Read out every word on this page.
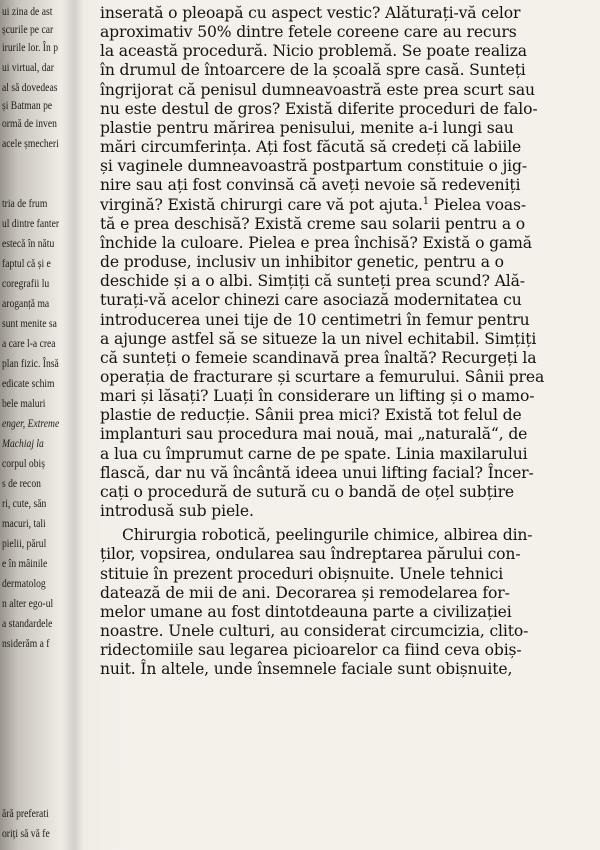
ui zina de ast
șcurile pe car
irurile lor. În p
ui virtual, dar
al să dovedeas
și Batman pe
ormă de inven
acele șmecheri
tria de frum
ul dintre fanter
estecă în nătu
faptul că și e
coregrafii lu
aroganță ma
sunt menite sa
a care l-a crea
plan fizic. Însă
edicate schim
bele maluri
enger, Extreme
Machiaj la
corpul obiș
s de recon
ri, cute, săn
macuri, tali
pielii, părul
e în mâinile
dermatolog
n alter ego-ul
a standardele
nsiderăm a f
ără preferati
oriți să vă fe
inserată o pleoapă cu aspect vestic? Alăturați-vă celor
aproximativ 50% dintre fetele coreene care au recurs
la această procedură. Nicio problemă. Se poate realiza
în drumul de întoarcere de la școală spre casă. Sunteți
îngrijorat că penisul dumneavoastră este prea scurt sau
nu este destul de gros? Există diferite proceduri de falo-
plastie pentru mărirea penisului, menite a-i lungi sau
mări circumferința. Ați fost făcută să credeți că labiile
și vaginele dumneavoastră postpartum constituie o jig-
nire sau ați fost convinsă că aveți nevoie să redeveniți
virgină? Există chirurgi care vă pot ajuta.$^1$ Pielea voas-
tă e prea deschisă? Există creme sau solarii pentru a o
închide la culoare. Pielea e prea închisă? Există o gamă
de produse, inclusiv un inhibitor genetic, pentru a o
deschide și a o albi. Simțiți că sunteți prea scund? Ală-
turați-vă acelor chinezi care asociază modernitatea cu
introducerea unei tije de 10 centimetri în femur pentru
a ajunge astfel să se situeze la un nivel echitabil. Simțiți
că sunteți o femeie scandinavă prea înaltă? Recurgeți la
operația de fracturare și scurtare a femurului. Sânii prea
mari și lăsați? Luați în considerare un lifting și o mamo-
plastie de reducție. Sânii prea mici? Există tot felul de
implanturi sau procedura mai nouă, mai „naturală“, de
a lua cu împrumut carne de pe spate. Linia maxilarului
flască, dar nu vă încântă ideea unui lifting facial? Încer-
cați o procedură de sutură cu o bandă de oțel subțire
introdusă sub piele.
Chirurgia robotică, peelingurile chimice, albirea din-
ților, vopsirea, ondularea sau îndreptarea părului con-
stituie în prezent proceduri obișnuite. Unele tehnici
datează de mii de ani. Decorarea și remodelarea for-
melor umane au fost dintotdeauna parte a civilizației
noastre. Unele culturi, au considerat circumcizia, clito-
ridectomiile sau legarea picioarelor ca fiind ceva obiș-
nuit. În altele, unde însemnele faciale sunt obișnuite,
